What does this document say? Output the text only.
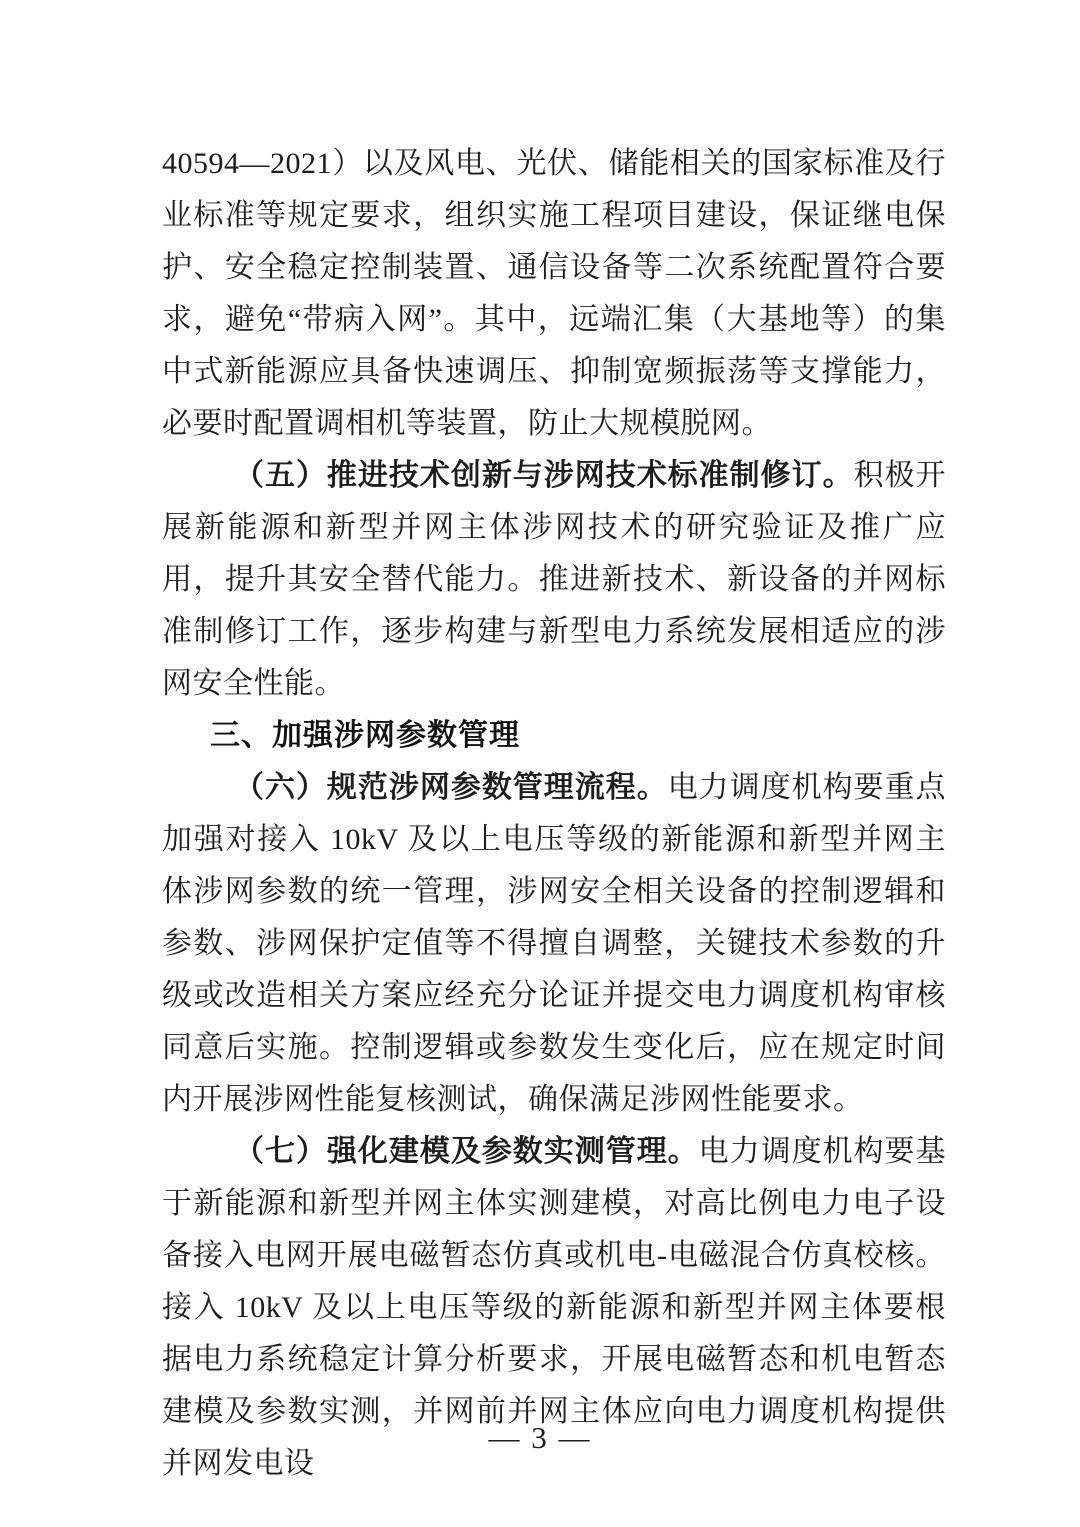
40594—2021）以及风电、光伏、储能相关的国家标准及行业标准等规定要求，组织实施工程项目建设，保证继电保护、安全稳定控制装置、通信设备等二次系统配置符合要求，避免“带病入网”。其中，远端汇集（大基地等）的集中式新能源应具备快速调压、抑制宽频振荡等支撑能力，必要时配置调相机等装置，防止大规模脱网。

（五）推进技术创新与涉网技术标准制修订。积极开展新能源和新型并网主体涉网技术的研究验证及推广应用，提升其安全替代能力。推进新技术、新设备的并网标准制修订工作，逐步构建与新型电力系统发展相适应的涉网安全性能。

三、加强涉网参数管理

（六）规范涉网参数管理流程。电力调度机构要重点加强对接入 10kV 及以上电压等级的新能源和新型并网主体涉网参数的统一管理，涉网安全相关设备的控制逻辑和参数、涉网保护定值等不得擅自调整，关键技术参数的升级或改造相关方案应经充分论证并提交电力调度机构审核同意后实施。控制逻辑或参数发生变化后，应在规定时间内开展涉网性能复核测试，确保满足涉网性能要求。

（七）强化建模及参数实测管理。电力调度机构要基于新能源和新型并网主体实测建模，对高比例电力电子设备接入电网开展电磁暂态仿真或机电-电磁混合仿真校核。接入 10kV 及以上电压等级的新能源和新型并网主体要根据电力系统稳定计算分析要求，开展电磁暂态和机电暂态建模及参数实测，并网前并网主体应向电力调度机构提供并网发电设

— 3 —
